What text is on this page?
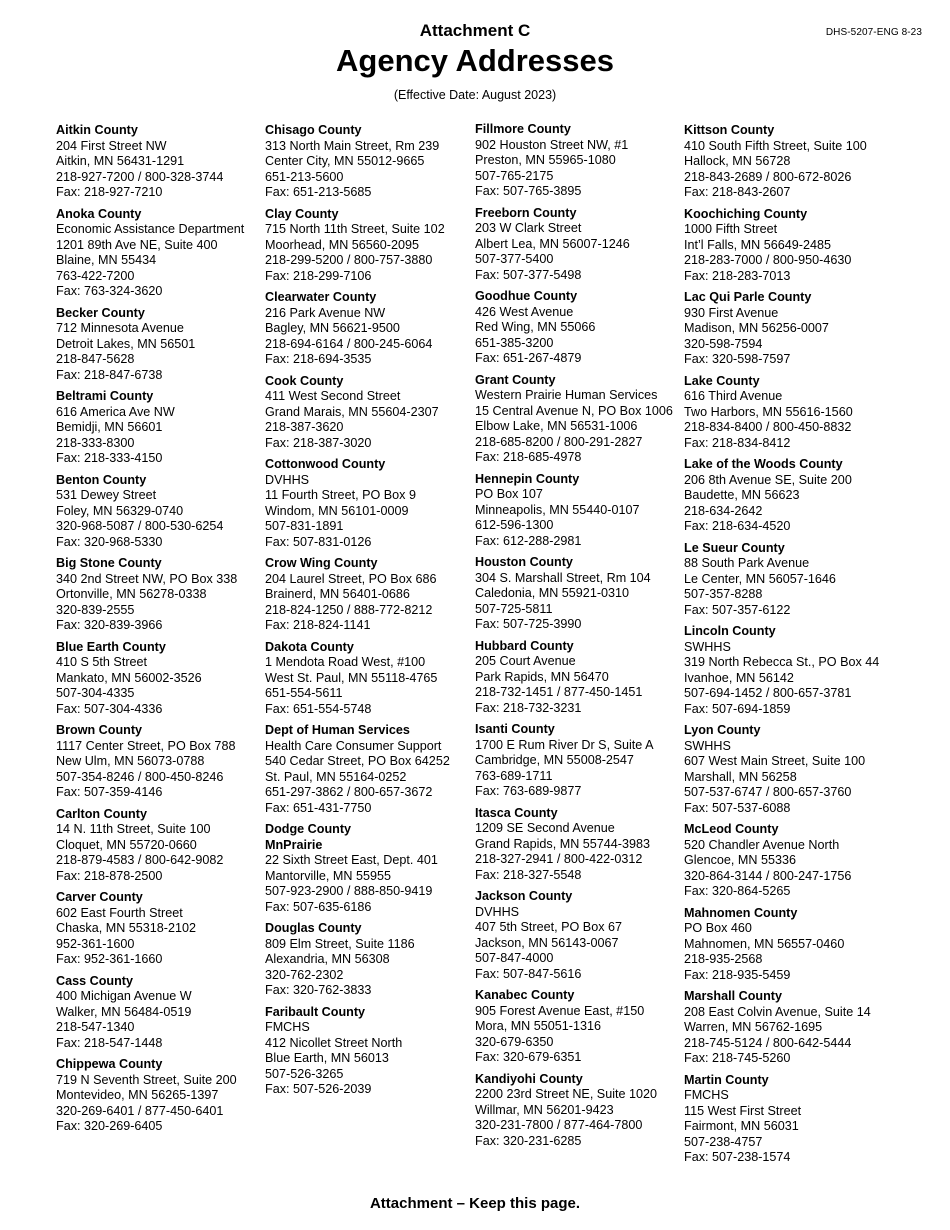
DHS-5207-ENG 8-23
Attachment C
Agency Addresses
(Effective Date: August 2023)
Aitkin County
204 First Street NW
Aitkin, MN 56431-1291
218-927-7200 / 800-328-3744
Fax: 218-927-7210
Anoka County
Economic Assistance Department
1201 89th Ave NE, Suite 400
Blaine, MN 55434
763-422-7200
Fax: 763-324-3620
Becker County
712 Minnesota Avenue
Detroit Lakes, MN 56501
218-847-5628
Fax: 218-847-6738
Beltrami County
616 America Ave NW
Bemidji, MN 56601
218-333-8300
Fax: 218-333-4150
Benton County
531 Dewey Street
Foley, MN 56329-0740
320-968-5087 / 800-530-6254
Fax: 320-968-5330
Big Stone County
340 2nd Street NW, PO Box 338
Ortonville, MN 56278-0338
320-839-2555
Fax: 320-839-3966
Blue Earth County
410 S 5th Street
Mankato, MN 56002-3526
507-304-4335
Fax: 507-304-4336
Brown County
1117 Center Street, PO Box 788
New Ulm, MN 56073-0788
507-354-8246 / 800-450-8246
Fax: 507-359-4146
Carlton County
14 N. 11th Street, Suite 100
Cloquet, MN 55720-0660
218-879-4583 / 800-642-9082
Fax: 218-878-2500
Carver County
602 East Fourth Street
Chaska, MN 55318-2102
952-361-1600
Fax: 952-361-1660
Cass County
400 Michigan Avenue W
Walker, MN 56484-0519
218-547-1340
Fax: 218-547-1448
Chippewa County
719 N Seventh Street, Suite 200
Montevideo, MN 56265-1397
320-269-6401 / 877-450-6401
Fax: 320-269-6405
Chisago County
313 North Main Street, Rm 239
Center City, MN 55012-9665
651-213-5600
Fax: 651-213-5685
Clay County
715 North 11th Street, Suite 102
Moorhead, MN 56560-2095
218-299-5200 / 800-757-3880
Fax: 218-299-7106
Clearwater County
216 Park Avenue NW
Bagley, MN 56621-9500
218-694-6164 / 800-245-6064
Fax: 218-694-3535
Cook County
411 West Second Street
Grand Marais, MN 55604-2307
218-387-3620
Fax: 218-387-3020
Cottonwood County
DVHHS
11 Fourth Street, PO Box 9
Windom, MN 56101-0009
507-831-1891
Fax: 507-831-0126
Crow Wing County
204 Laurel Street, PO Box 686
Brainerd, MN 56401-0686
218-824-1250 / 888-772-8212
Fax: 218-824-1141
Dakota County
1 Mendota Road West, #100
West St. Paul, MN 55118-4765
651-554-5611
Fax: 651-554-5748
Dept of Human Services
Health Care Consumer Support
540 Cedar Street, PO Box 64252
St. Paul, MN 55164-0252
651-297-3862 / 800-657-3672
Fax: 651-431-7750
Dodge County
MnPrairie
22 Sixth Street East, Dept. 401
Mantorville, MN 55955
507-923-2900 / 888-850-9419
Fax: 507-635-6186
Douglas County
809 Elm Street, Suite 1186
Alexandria, MN 56308
320-762-2302
Fax: 320-762-3833
Faribault County
FMCHS
412 Nicollet Street North
Blue Earth, MN 56013
507-526-3265
Fax: 507-526-2039
Fillmore County
902 Houston Street NW, #1
Preston, MN 55965-1080
507-765-2175
Fax: 507-765-3895
Freeborn County
203 W Clark Street
Albert Lea, MN 56007-1246
507-377-5400
Fax: 507-377-5498
Goodhue County
426 West Avenue
Red Wing, MN 55066
651-385-3200
Fax: 651-267-4879
Grant County
Western Prairie Human Services
15 Central Avenue N, PO Box 1006
Elbow Lake, MN 56531-1006
218-685-8200 / 800-291-2827
Fax: 218-685-4978
Hennepin County
PO Box 107
Minneapolis, MN 55440-0107
612-596-1300
Fax: 612-288-2981
Houston County
304 S. Marshall Street, Rm 104
Caledonia, MN 55921-0310
507-725-5811
Fax: 507-725-3990
Hubbard County
205 Court Avenue
Park Rapids, MN 56470
218-732-1451 / 877-450-1451
Fax: 218-732-3231
Isanti County
1700 E Rum River Dr S, Suite A
Cambridge, MN 55008-2547
763-689-1711
Fax: 763-689-9877
Itasca County
1209 SE Second Avenue
Grand Rapids, MN 55744-3983
218-327-2941 / 800-422-0312
Fax: 218-327-5548
Jackson County
DVHHS
407 5th Street, PO Box 67
Jackson, MN 56143-0067
507-847-4000
Fax: 507-847-5616
Kanabec County
905 Forest Avenue East, #150
Mora, MN 55051-1316
320-679-6350
Fax: 320-679-6351
Kandiyohi County
2200 23rd Street NE, Suite 1020
Willmar, MN 56201-9423
320-231-7800 / 877-464-7800
Fax: 320-231-6285
Kittson County
410 South Fifth Street, Suite 100
Hallock, MN 56728
218-843-2689 / 800-672-8026
Fax: 218-843-2607
Koochiching County
1000 Fifth Street
Int’l Falls, MN 56649-2485
218-283-7000 / 800-950-4630
Fax: 218-283-7013
Lac Qui Parle County
930 First Avenue
Madison, MN 56256-0007
320-598-7594
Fax: 320-598-7597
Lake County
616 Third Avenue
Two Harbors, MN 55616-1560
218-834-8400 / 800-450-8832
Fax: 218-834-8412
Lake of the Woods County
206 8th Avenue SE, Suite 200
Baudette, MN 56623
218-634-2642
Fax: 218-634-4520
Le Sueur County
88 South Park Avenue
Le Center, MN 56057-1646
507-357-8288
Fax: 507-357-6122
Lincoln County
SWHHS
319 North Rebecca St., PO Box 44
Ivanhoe, MN 56142
507-694-1452 / 800-657-3781
Fax: 507-694-1859
Lyon County
SWHHS
607 West Main Street, Suite 100
Marshall, MN 56258
507-537-6747 / 800-657-3760
Fax: 507-537-6088
McLeod County
520 Chandler Avenue North
Glencoe, MN 55336
320-864-3144 / 800-247-1756
Fax: 320-864-5265
Mahnomen County
PO Box 460
Mahnomen, MN 56557-0460
218-935-2568
Fax: 218-935-5459
Marshall County
208 East Colvin Avenue, Suite 14
Warren, MN 56762-1695
218-745-5124 / 800-642-5444
Fax: 218-745-5260
Martin County
FMCHS
115 West First Street
Fairmont, MN 56031
507-238-4757
Fax: 507-238-1574
Attachment – Keep this page.
